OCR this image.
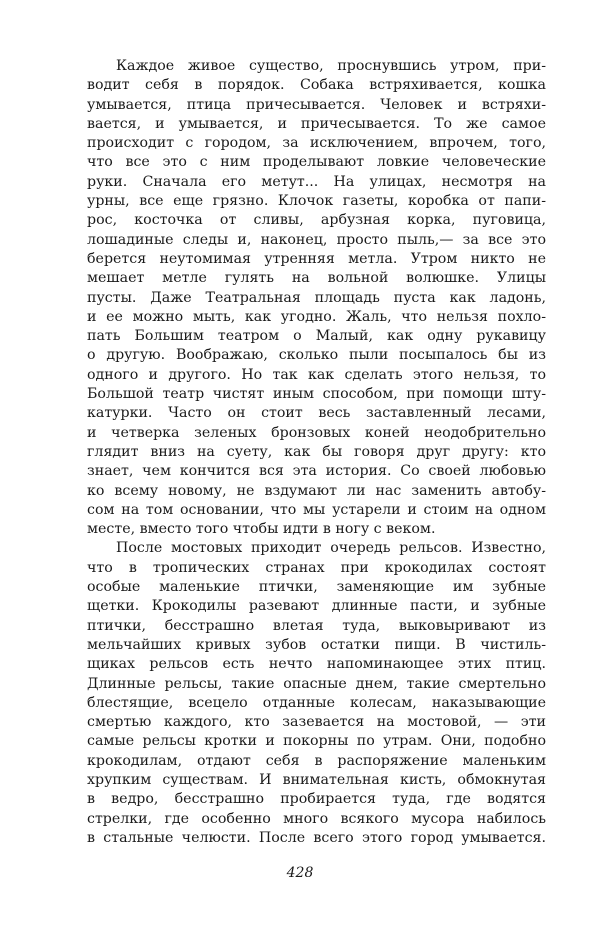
Каждое живое существо, проснувшись утром, при-
водит себя в порядок. Собака встряхивается, кошка
умывается, птица причесывается. Человек и встряхи-
вается, и умывается, и причесывается. То же самое
происходит с городом, за исключением, впрочем, того,
что все это с ним проделывают ловкие человеческие
руки. Сначала его метут... На улицах, несмотря на
урны, все еще грязно. Клочок газеты, коробка от папи-
рос, косточка от сливы, арбузная корка, пуговица,
лошадиные следы и, наконец, просто пыль,— за все это
берется неутомимая утренняя метла. Утром никто не
мешает метле гулять на вольной волюшке. Улицы
пусты. Даже Театральная площадь пуста как ладонь,
и ее можно мыть, как угодно. Жаль, что нельзя похло-
пать Большим театром о Малый, как одну рукавицу
о другую. Воображаю, сколько пыли посыпалось бы из
одного и другого. Но так как сделать этого нельзя, то
Большой театр чистят иным способом, при помощи шту-
катурки. Часто он стоит весь заставленный лесами,
и четверка зеленых бронзовых коней неодобрительно
глядит вниз на суету, как бы говоря друг другу: кто
знает, чем кончится вся эта история. Со своей любовью
ко всему новому, не вздумают ли нас заменить автобу-
сом на том основании, что мы устарели и стоим на одном
месте, вместо того чтобы идти в ногу с веком.
После мостовых приходит очередь рельсов. Известно,
что в тропических странах при крокодилах состоят
особые маленькие птички, заменяющие им зубные
щетки. Крокодилы разевают длинные пасти, и зубные
птички, бесстрашно влетая туда, выковыривают из
мельчайших кривых зубов остатки пищи. В чистиль-
щиках рельсов есть нечто напоминающее этих птиц.
Длинные рельсы, такие опасные днем, такие смертельно
блестящие, всецело отданные колесам, наказывающие
смертью каждого, кто зазевается на мостовой, — эти
самые рельсы кротки и покорны по утрам. Они, подобно
крокодилам, отдают себя в распоряжение маленьким
хрупким существам. И внимательная кисть, обмокнутая
в ведро, бесстрашно пробирается туда, где водятся
стрелки, где особенно много всякого мусора набилось
в стальные челюсти. После всего этого город умывается.
428
